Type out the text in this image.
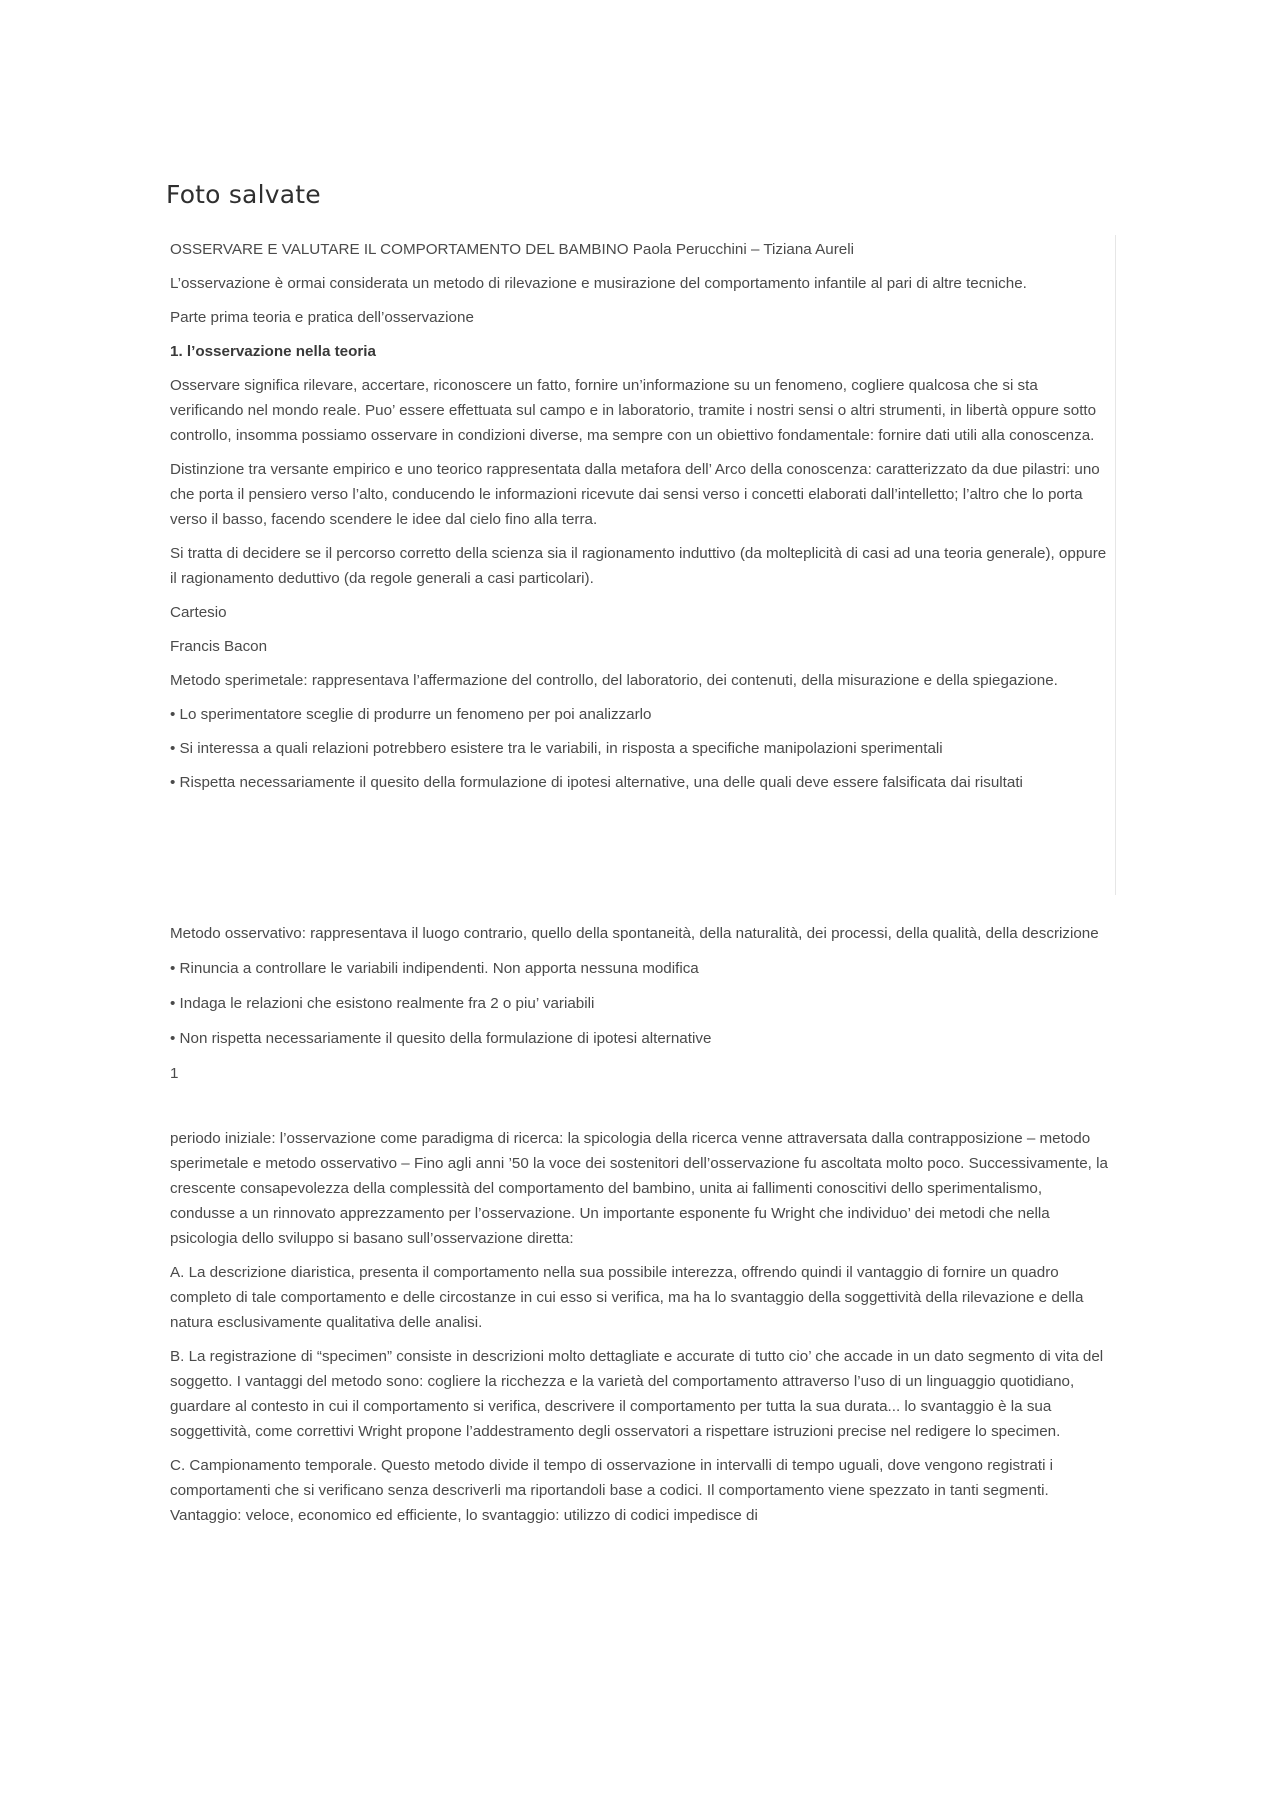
Foto salvate

OSSERVARE E VALUTARE IL COMPORTAMENTO DEL BAMBINO Paola Perucchini – Tiziana Aureli

L’osservazione è ormai considerata un metodo di rilevazione e musirazione del comportamento infantile al pari di altre tecniche.

Parte prima teoria e pratica dell’osservazione

1. l’osservazione nella teoria

Osservare significa rilevare, accertare, riconoscere un fatto, fornire un’informazione su un fenomeno, cogliere qualcosa che si sta verificando nel mondo reale. Puo’ essere effettuata sul campo e in laboratorio, tramite i nostri sensi o altri strumenti, in libertà oppure sotto controllo, insomma possiamo osservare in condizioni diverse, ma sempre con un obiettivo fondamentale: fornire dati utili alla conoscenza.

Distinzione tra versante empirico e uno teorico rappresentata dalla metafora dell’ Arco della conoscenza: caratterizzato da due pilastri: uno che porta il pensiero verso l’alto, conducendo le informazioni ricevute dai sensi verso i concetti elaborati dall’intelletto; l’altro che lo porta verso il basso, facendo scendere le idee dal cielo fino alla terra.

Si tratta di decidere se il percorso corretto della scienza sia il ragionamento induttivo (da molteplicità di casi ad una teoria generale), oppure il ragionamento deduttivo (da regole generali a casi particolari).

Cartesio

Francis Bacon

Metodo sperimetale: rappresentava l’affermazione del controllo, del laboratorio, dei contenuti, della misurazione e della spiegazione.

• Lo sperimentatore sceglie di produrre un fenomeno per poi analizzarlo

• Si interessa a quali relazioni potrebbero esistere tra le variabili, in risposta a specifiche manipolazioni sperimentali

• Rispetta necessariamente il quesito della formulazione di ipotesi alternative, una delle quali deve essere falsificata dai risultati

Metodo osservativo: rappresentava il luogo contrario, quello della spontaneità, della naturalità, dei processi, della qualità, della descrizione

• Rinuncia a controllare le variabili indipendenti. Non apporta nessuna modifica

• Indaga le relazioni che esistono realmente fra 2 o piu’ variabili

• Non rispetta necessariamente il quesito della formulazione di ipotesi alternative

1

periodo iniziale: l’osservazione come paradigma di ricerca: la spicologia della ricerca venne attraversata dalla contrapposizione – metodo sperimetale e metodo osservativo – Fino agli anni ’50 la voce dei sostenitori dell’osservazione fu ascoltata molto poco. Successivamente, la crescente consapevolezza della complessità del comportamento del bambino, unita ai fallimenti conoscitivi dello sperimentalismo, condusse a un rinnovato apprezzamento per l’osservazione. Un importante esponente fu Wright che individuo’ dei metodi che nella psicologia dello sviluppo si basano sull’osservazione diretta:

A. La descrizione diaristica, presenta il comportamento nella sua possibile interezza, offrendo quindi il vantaggio di fornire un quadro completo di tale comportamento e delle circostanze in cui esso si verifica, ma ha lo svantaggio della soggettività della rilevazione e della natura esclusivamente qualitativa delle analisi.

B. La registrazione di “specimen” consiste in descrizioni molto dettagliate e accurate di tutto cio’ che accade in un dato segmento di vita del soggetto. I vantaggi del metodo sono: cogliere la ricchezza e la varietà del comportamento attraverso l’uso di un linguaggio quotidiano, guardare al contesto in cui il comportamento si verifica, descrivere il comportamento per tutta la sua durata... lo svantaggio è la sua soggettività, come correttivi Wright propone l’addestramento degli osservatori a rispettare istruzioni precise nel redigere lo specimen.

C. Campionamento temporale. Questo metodo divide il tempo di osservazione in intervalli di tempo uguali, dove vengono registrati i comportamenti che si verificano senza descriverli ma riportandoli base a codici. Il comportamento viene spezzato in tanti segmenti. Vantaggio: veloce, economico ed efficiente, lo svantaggio: utilizzo di codici impedisce di
